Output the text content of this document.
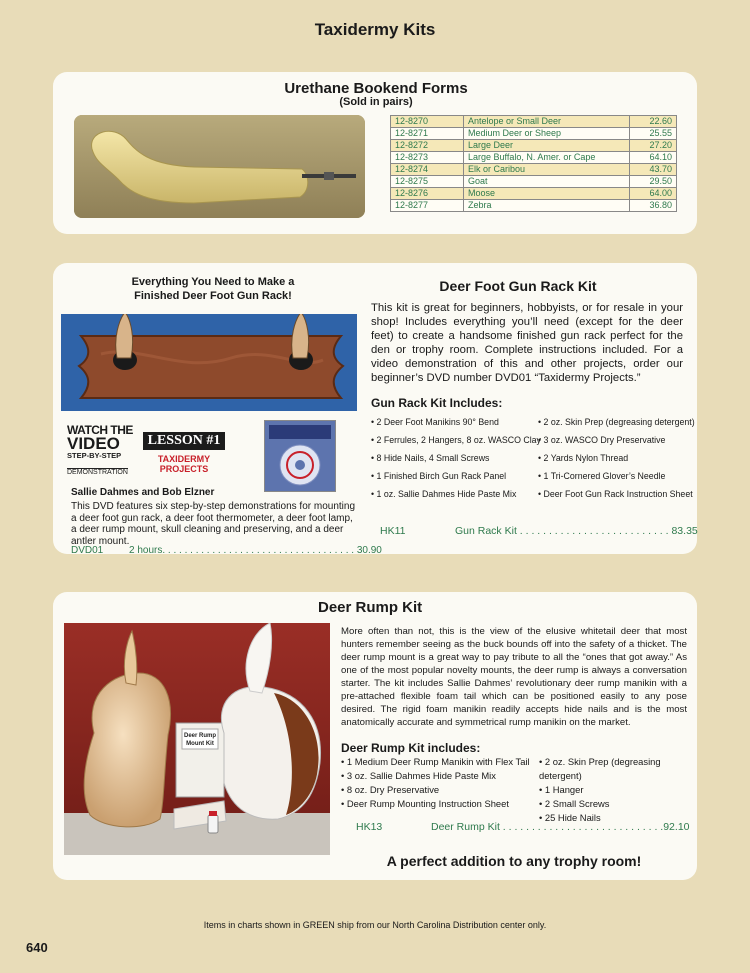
Taxidermy Kits
Urethane Bookend Forms
(Sold in pairs)
12-8270	Antelope or Small Deer	22.60
12-8271	Medium Deer or Sheep	25.55
12-8272	Large Deer	27.20
12-8273	Large Buffalo, N. Amer. or Cape	64.10
12-8274	Elk or Caribou	43.70
12-8275	Goat	29.50
12-8276	Moose	64.00
12-8277	Zebra	36.80
Everything You Need to Make a
Finished Deer Foot Gun Rack!
WATCH THE
VIDEO
STEP-BY-STEP
DEMONSTRATION
LESSON #1
TAXIDERMY
PROJECTS
Sallie Dahmes and Bob Elzner
This DVD features six step-by-step demonstrations for mounting a deer foot gun rack, a deer foot thermometer, a deer foot lamp, a deer rump mount, skull cleaning and preserving, and a deer antler mount.
DVD01	2 hours. . . . . . . . . . . . . . . . . . . . . . . . . . . . . . . . . . . 30.90
Deer Foot Gun Rack Kit
This kit is great for beginners, hobbyists, or for resale in your shop! Includes everything you’ll need (except for the deer feet) to create a handsome finished gun rack perfect for the den or trophy room. Complete instructions included. For a video demonstration of this and other projects, order our beginner’s DVD number DVD01 “Taxidermy Projects.”
Gun Rack Kit Includes:
• 2 Deer Foot Manikins 90° Bend
• 2 Ferrules, 2 Hangers, 8 oz. WASCO Clay
• 8 Hide Nails, 4 Small Screws
• 1 Finished Birch Gun Rack Panel
• 1 oz. Sallie Dahmes Hide Paste Mix
• 2 oz. Skin Prep (degreasing detergent)
• 3 oz. WASCO Dry Preservative
• 2 Yards Nylon Thread
• 1 Tri-Cornered Glover’s Needle
• Deer Foot Gun Rack Instruction Sheet
HK11	Gun Rack Kit . . . . . . . . . . . . . . . . . . . . . . . . . . 83.35
Deer Rump Kit
Deer Rump
Mount Kit
More often than not, this is the view of the elusive whitetail deer that most hunters remember seeing as the buck bounds off into the safety of a thicket. The deer rump mount is a great way to pay tribute to all the “ones that got away.” As one of the most popular novelty mounts, the deer rump is always a conversation starter. The kit includes Sallie Dahmes’ revolutionary deer rump manikin with a pre-attached flexible foam tail which can be positioned easily to any pose desired. The rigid foam manikin readily accepts hide nails and is the most anatomically accurate and symmetrical rump manikin on the market.
Deer Rump Kit includes:
• 1 Medium Deer Rump Manikin with Flex Tail
• 3 oz. Sallie Dahmes Hide Paste Mix
• 8 oz. Dry Preservative
• Deer Rump Mounting Instruction Sheet
• 2 oz. Skin Prep (degreasing detergent)
• 1 Hanger
• 2 Small Screws
• 25 Hide Nails
HK13	Deer Rump Kit . . . . . . . . . . . . . . . . . . . . . . . . . . . .92.10
A perfect addition to any trophy room!
Items in charts shown in GREEN ship from our North Carolina Distribution center only.
640
